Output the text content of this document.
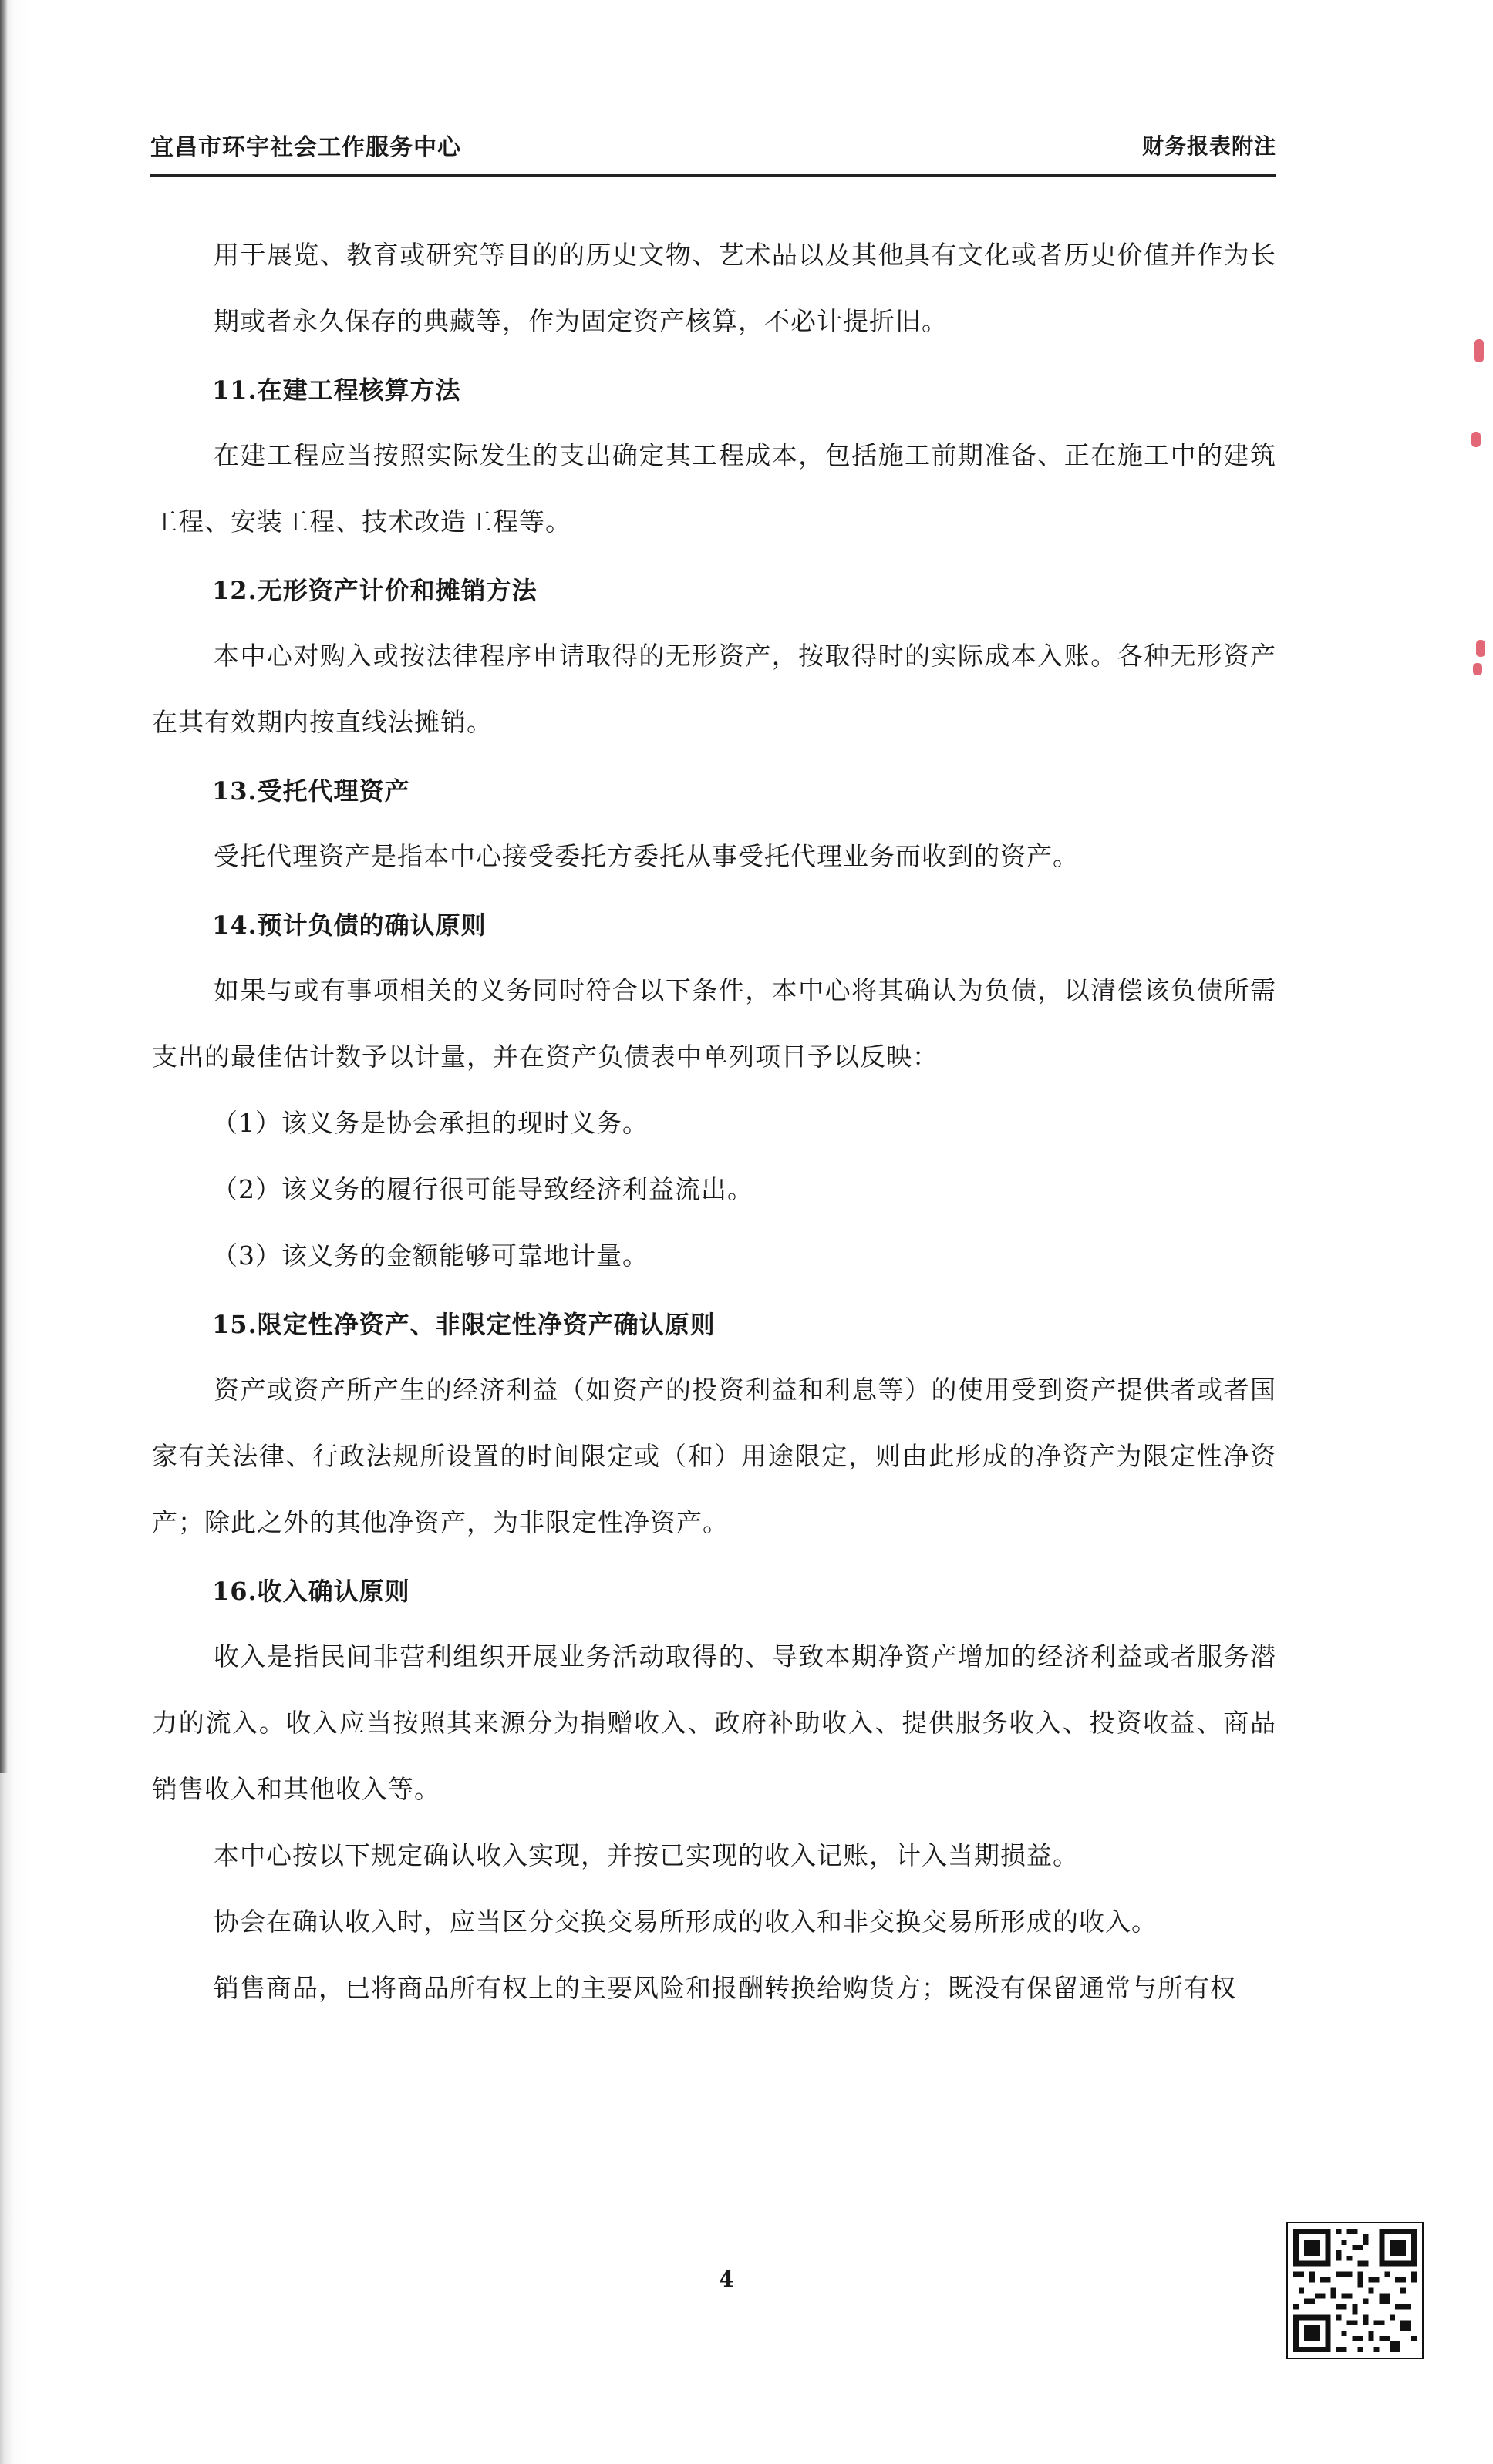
宜昌市环宇社会工作服务中心	财务报表附注

用于展览、教育或研究等目的的历史文物、艺术品以及其他具有文化或者历史价值并作为长期或者永久保存的典藏等，作为固定资产核算，不必计提折旧。

11.在建工程核算方法

在建工程应当按照实际发生的支出确定其工程成本，包括施工前期准备、正在施工中的建筑工程、安装工程、技术改造工程等。

12.无形资产计价和摊销方法

本中心对购入或按法律程序申请取得的无形资产，按取得时的实际成本入账。各种无形资产在其有效期内按直线法摊销。

13.受托代理资产

受托代理资产是指本中心接受委托方委托从事受托代理业务而收到的资产。

14.预计负债的确认原则

如果与或有事项相关的义务同时符合以下条件，本中心将其确认为负债，以清偿该负债所需支出的最佳估计数予以计量，并在资产负债表中单列项目予以反映：

（1）该义务是协会承担的现时义务。

（2）该义务的履行很可能导致经济利益流出。

（3）该义务的金额能够可靠地计量。

15.限定性净资产、非限定性净资产确认原则

资产或资产所产生的经济利益（如资产的投资利益和利息等）的使用受到资产提供者或者国家有关法律、行政法规所设置的时间限定或（和）用途限定，则由此形成的净资产为限定性净资产；除此之外的其他净资产，为非限定性净资产。

16.收入确认原则

收入是指民间非营利组织开展业务活动取得的、导致本期净资产增加的经济利益或者服务潜力的流入。收入应当按照其来源分为捐赠收入、政府补助收入、提供服务收入、投资收益、商品销售收入和其他收入等。

本中心按以下规定确认收入实现，并按已实现的收入记账，计入当期损益。

协会在确认收入时，应当区分交换交易所形成的收入和非交换交易所形成的收入。

销售商品，已将商品所有权上的主要风险和报酬转换给购货方；既没有保留通常与所有权

4
